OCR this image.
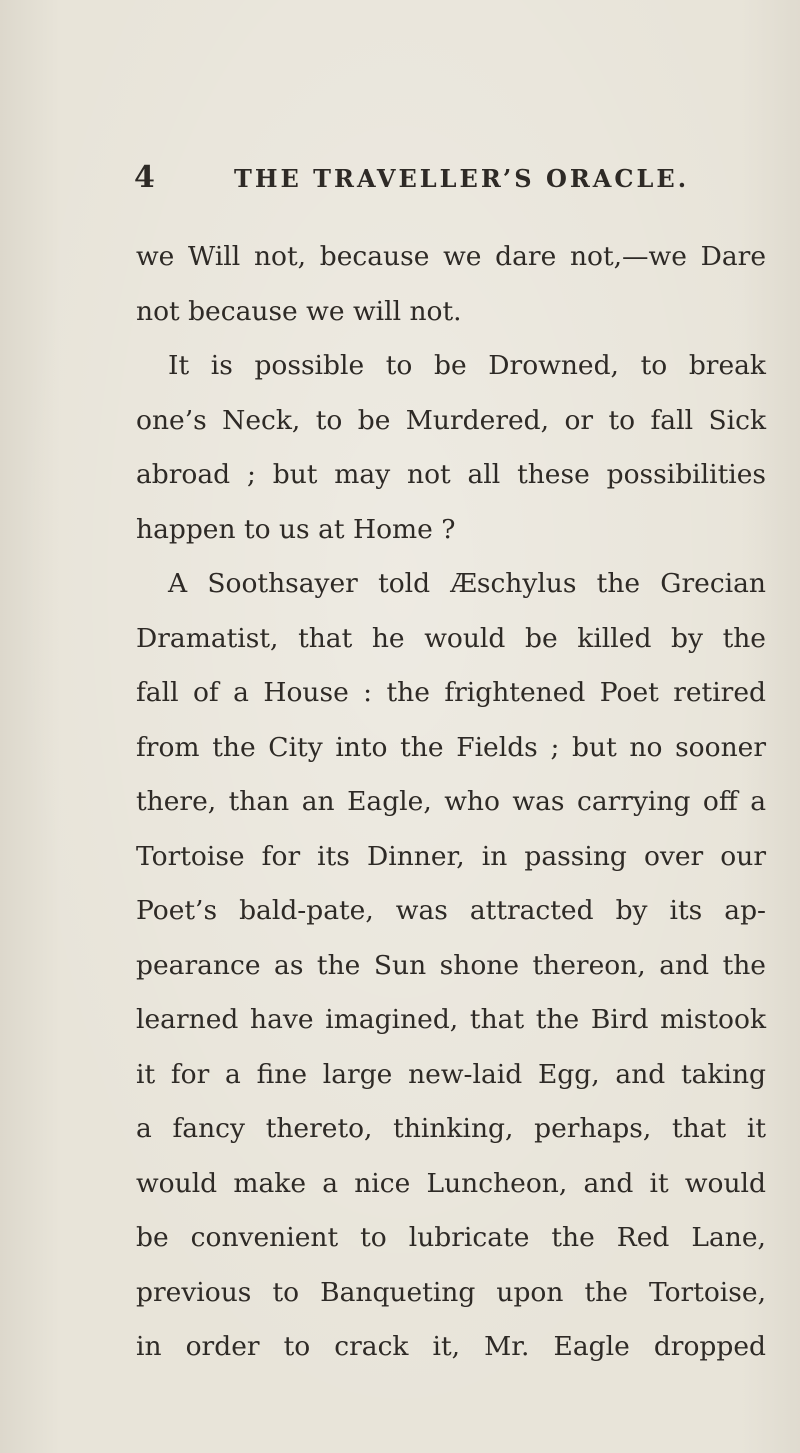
4	THE TRAVELLER’S ORACLE.
we Will not, because we dare not,—we Dare
not because we will not.
It is possible to be Drowned, to break
one’s Neck, to be Murdered, or to fall Sick
abroad ; but may not all these possibilities
happen to us at Home ?
A Soothsayer told Æschylus the Grecian
Dramatist, that he would be killed by the
fall of a House : the frightened Poet retired
from the City into the Fields ; but no sooner
there, than an Eagle, who was carrying off a
Tortoise for its Dinner, in passing over our
Poet’s bald-pate, was attracted by its ap-
pearance as the Sun shone thereon, and the
learned have imagined, that the Bird mistook
it for a fine large new-laid Egg, and taking
a fancy thereto, thinking, perhaps, that it
would make a nice Luncheon, and it would
be convenient to lubricate the Red Lane,
previous to Banqueting upon the Tortoise,
in order to crack it, Mr. Eagle dropped
